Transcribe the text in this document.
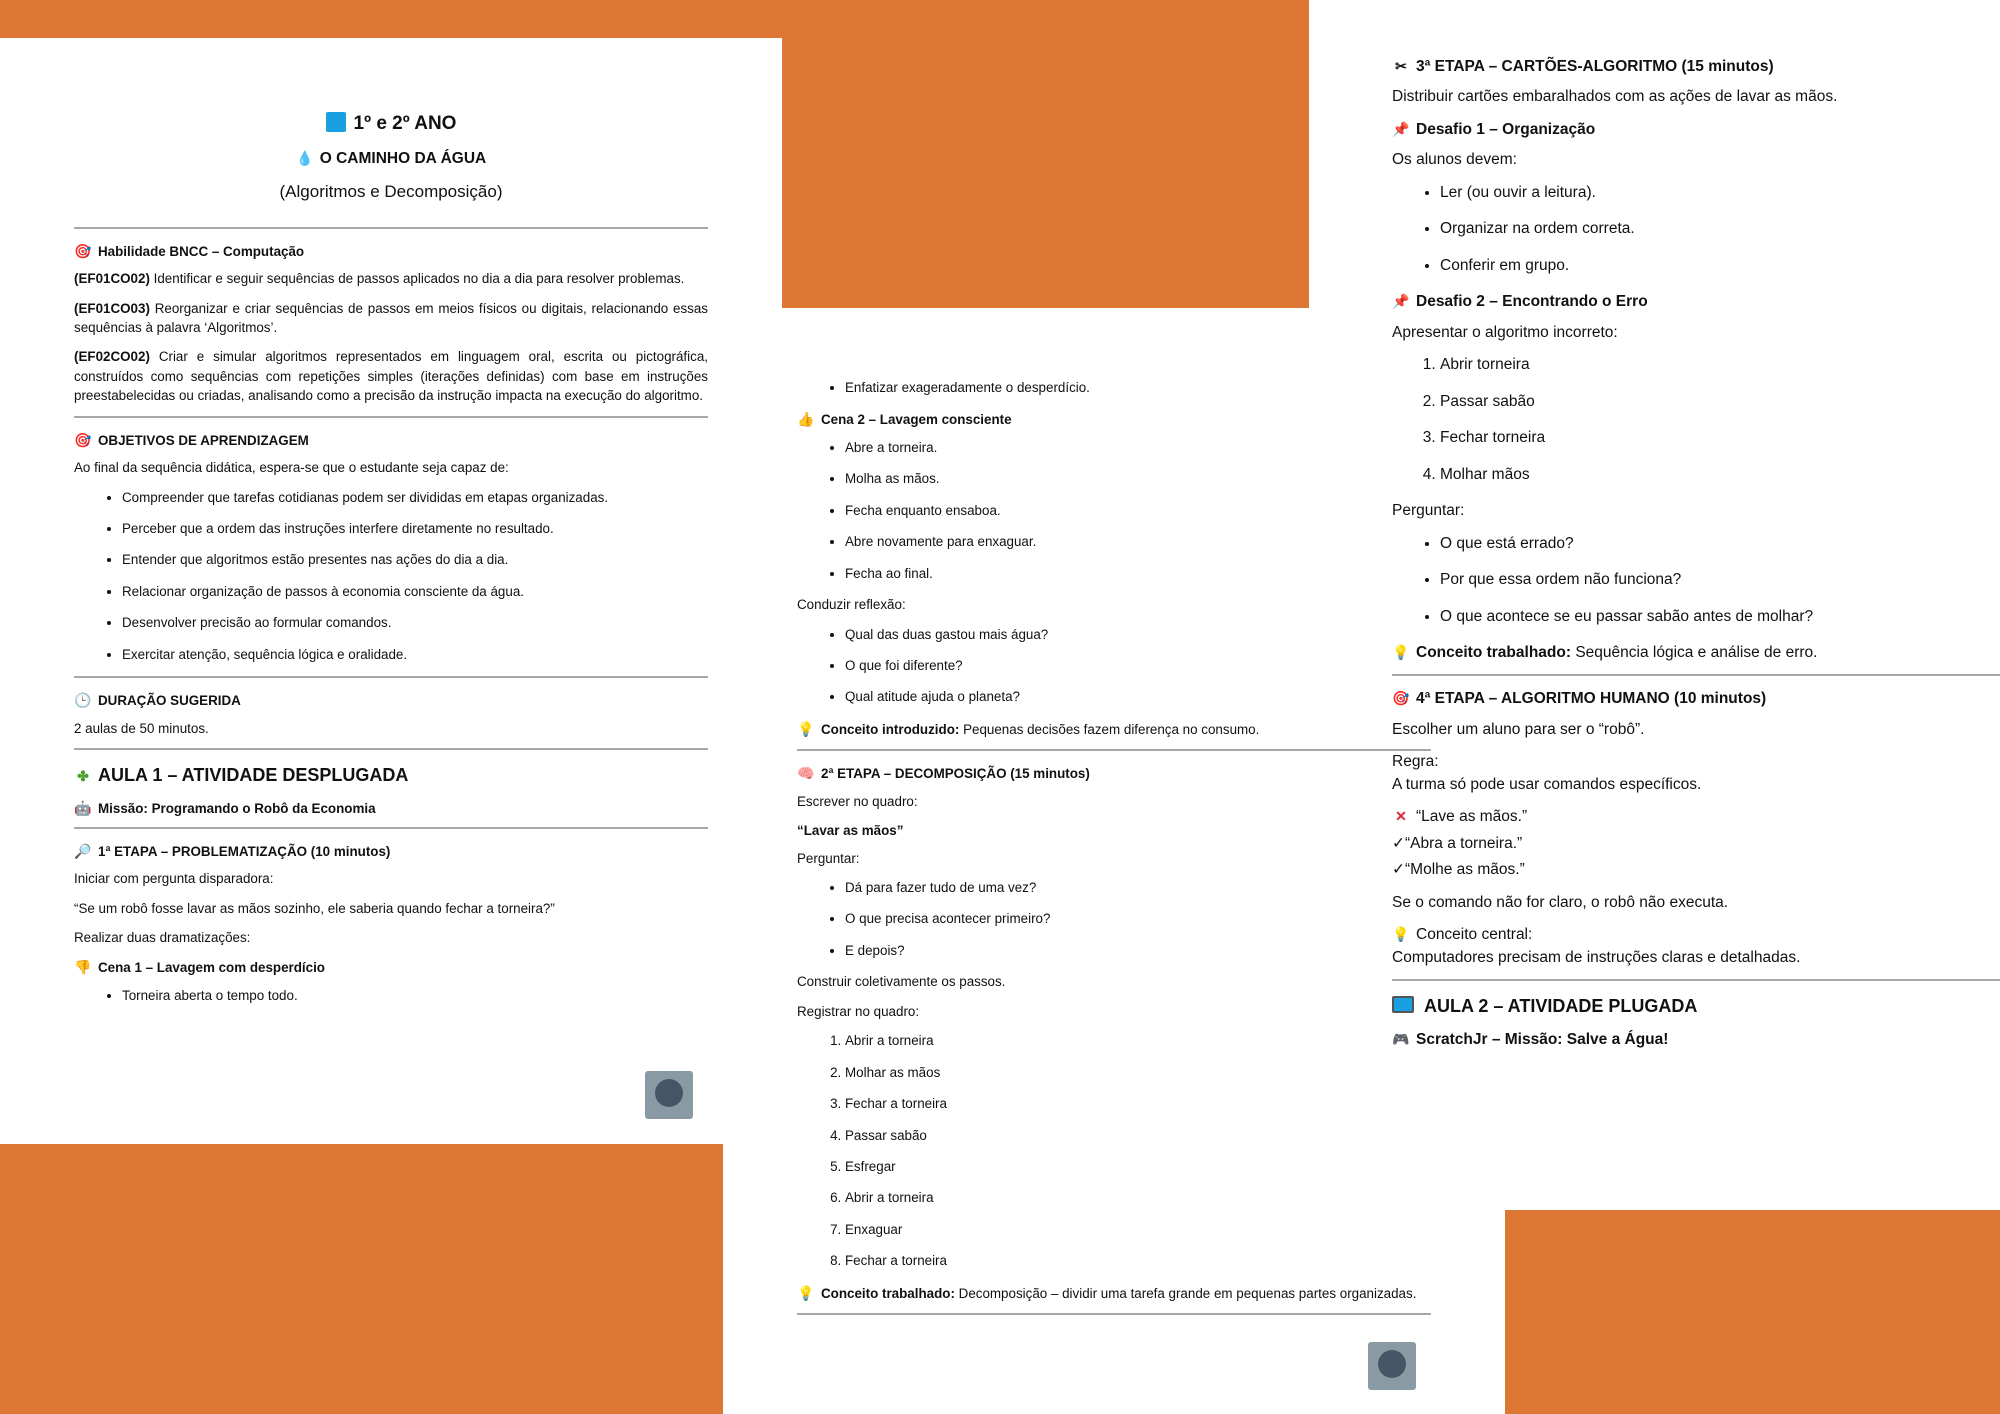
1º e 2º ANO
💧 O CAMINHO DA ÁGUA
(Algoritmos e Decomposição)

🎯 Habilidade BNCC – Computação

(EF01CO02) Identificar e seguir sequências de passos aplicados no dia a dia para resolver problemas.

(EF01CO03) Reorganizar e criar sequências de passos em meios físicos ou digitais, relacionando essas sequências à palavra ‘Algoritmos’.

(EF02CO02) Criar e simular algoritmos representados em linguagem oral, escrita ou pictográfica, construídos como sequências com repetições simples (iterações definidas) com base em instruções preestabelecidas ou criadas, analisando como a precisão da instrução impacta na execução do algoritmo.

🎯 OBJETIVOS DE APRENDIZAGEM

Ao final da sequência didática, espera-se que o estudante seja capaz de:

• Compreender que tarefas cotidianas podem ser divididas em etapas organizadas.
• Perceber que a ordem das instruções interfere diretamente no resultado.
• Entender que algoritmos estão presentes nas ações do dia a dia.
• Relacionar organização de passos à economia consciente da água.
• Desenvolver precisão ao formular comandos.
• Exercitar atenção, sequência lógica e oralidade.

🕒 DURAÇÃO SUGERIDA

2 aulas de 50 minutos.

✤ AULA 1 – ATIVIDADE DESPLUGADA

🤖 Missão: Programando o Robô da Economia

🔎 1ª ETAPA – PROBLEMATIZAÇÃO (10 minutos)

Iniciar com pergunta disparadora:

“Se um robô fosse lavar as mãos sozinho, ele saberia quando fechar a torneira?”

Realizar duas dramatizações:

👎 Cena 1 – Lavagem com desperdício

• Torneira aberta o tempo todo.
• Enfatizar exageradamente o desperdício.

👍 Cena 2 – Lavagem consciente

• Abre a torneira.
• Molha as mãos.
• Fecha enquanto ensaboa.
• Abre novamente para enxaguar.
• Fecha ao final.

Conduzir reflexão:

• Qual das duas gastou mais água?
• O que foi diferente?
• Qual atitude ajuda o planeta?

💡 Conceito introduzido: Pequenas decisões fazem diferença no consumo.

🧠 2ª ETAPA – DECOMPOSIÇÃO (15 minutos)

Escrever no quadro:

“Lavar as mãos”

Perguntar:

• Dá para fazer tudo de uma vez?
• O que precisa acontecer primeiro?
• E depois?

Construir coletivamente os passos.

Registrar no quadro:

1. Abrir a torneira
2. Molhar as mãos
3. Fechar a torneira
4. Passar sabão
5. Esfregar
6. Abrir a torneira
7. Enxaguar
8. Fechar a torneira

💡 Conceito trabalhado: Decomposição – dividir uma tarefa grande em pequenas partes organizadas.

✂ 3ª ETAPA – CARTÕES-ALGORITMO (15 minutos)

Distribuir cartões embaralhados com as ações de lavar as mãos.

📌 Desafio 1 – Organização

Os alunos devem:

• Ler (ou ouvir a leitura).
• Organizar na ordem correta.
• Conferir em grupo.

📌 Desafio 2 – Encontrando o Erro

Apresentar o algoritmo incorreto:

1. Abrir torneira
2. Passar sabão
3. Fechar torneira
4. Molhar mãos

Perguntar:

• O que está errado?
• Por que essa ordem não funciona?
• O que acontece se eu passar sabão antes de molhar?

💡 Conceito trabalhado: Sequência lógica e análise de erro.

🎯 4ª ETAPA – ALGORITMO HUMANO (10 minutos)

Escolher um aluno para ser o “robô”.

Regra:
A turma só pode usar comandos específicos.

✕ “Lave as mãos.”

✓“Abra a torneira.”

✓“Molhe as mãos.”

Se o comando não for claro, o robô não executa.

💡 Conceito central:
Computadores precisam de instruções claras e detalhadas.

AULA 2 – ATIVIDADE PLUGADA

🎮 ScratchJr – Missão: Salve a Água!
